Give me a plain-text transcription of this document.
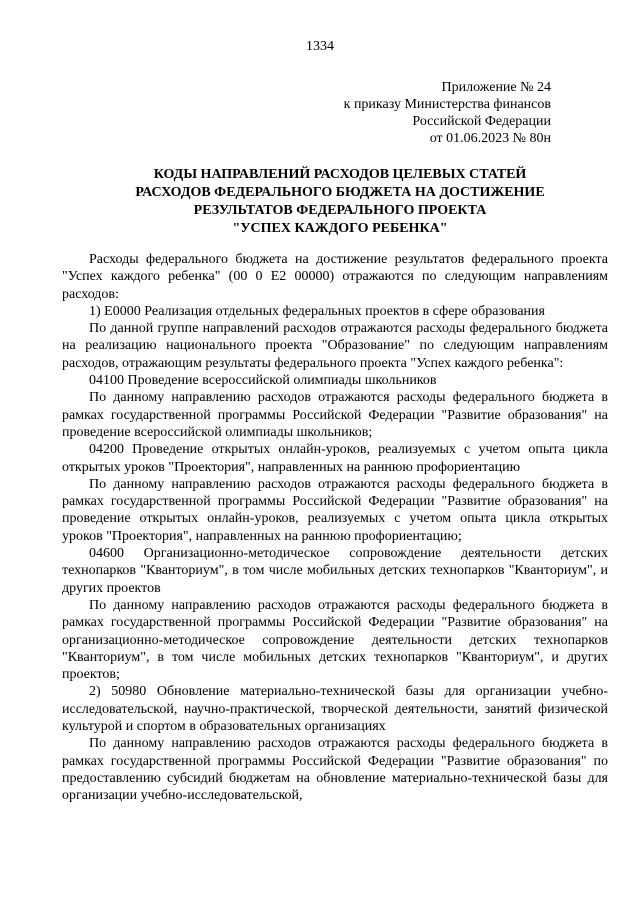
1334
Приложение № 24
к приказу Министерства финансов
Российской Федерации
от 01.06.2023 № 80н
КОДЫ НАПРАВЛЕНИЙ РАСХОДОВ ЦЕЛЕВЫХ СТАТЕЙ
РАСХОДОВ ФЕДЕРАЛЬНОГО БЮДЖЕТА НА ДОСТИЖЕНИЕ
РЕЗУЛЬТАТОВ ФЕДЕРАЛЬНОГО ПРОЕКТА
"УСПЕХ КАЖДОГО РЕБЕНКА"

Расходы федерального бюджета на достижение результатов федерального проекта "Успех каждого ребенка" (00 0 Е2 00000) отражаются по следующим направлениям расходов:

1) Е0000 Реализация отдельных федеральных проектов в сфере образования

По данной группе направлений расходов отражаются расходы федерального бюджета на реализацию национального проекта "Образование" по следующим направлениям расходов, отражающим результаты федерального проекта "Успех каждого ребенка":

04100 Проведение всероссийской олимпиады школьников

По данному направлению расходов отражаются расходы федерального бюджета в рамках государственной программы Российской Федерации "Развитие образования" на проведение всероссийской олимпиады школьников;

04200 Проведение открытых онлайн-уроков, реализуемых с учетом опыта цикла открытых уроков "Проектория", направленных на раннюю профориентацию

По данному направлению расходов отражаются расходы федерального бюджета в рамках государственной программы Российской Федерации "Развитие образования" на проведение открытых онлайн-уроков, реализуемых с учетом опыта цикла открытых уроков "Проектория", направленных на раннюю профориентацию;

04600 Организационно-методическое сопровождение деятельности детских технопарков "Кванториум", в том числе мобильных детских технопарков "Кванториум", и других проектов

По данному направлению расходов отражаются расходы федерального бюджета в рамках государственной программы Российской Федерации "Развитие образования" на организационно-методическое сопровождение деятельности детских технопарков "Кванториум", в том числе мобильных детских технопарков "Кванториум", и других проектов;

2) 50980 Обновление материально-технической базы для организации учебно-исследовательской, научно-практической, творческой деятельности, занятий физической культурой и спортом в образовательных организациях

По данному направлению расходов отражаются расходы федерального бюджета в рамках государственной программы Российской Федерации "Развитие образования" по предоставлению субсидий бюджетам на обновление материально-технической базы для организации учебно-исследовательской,
